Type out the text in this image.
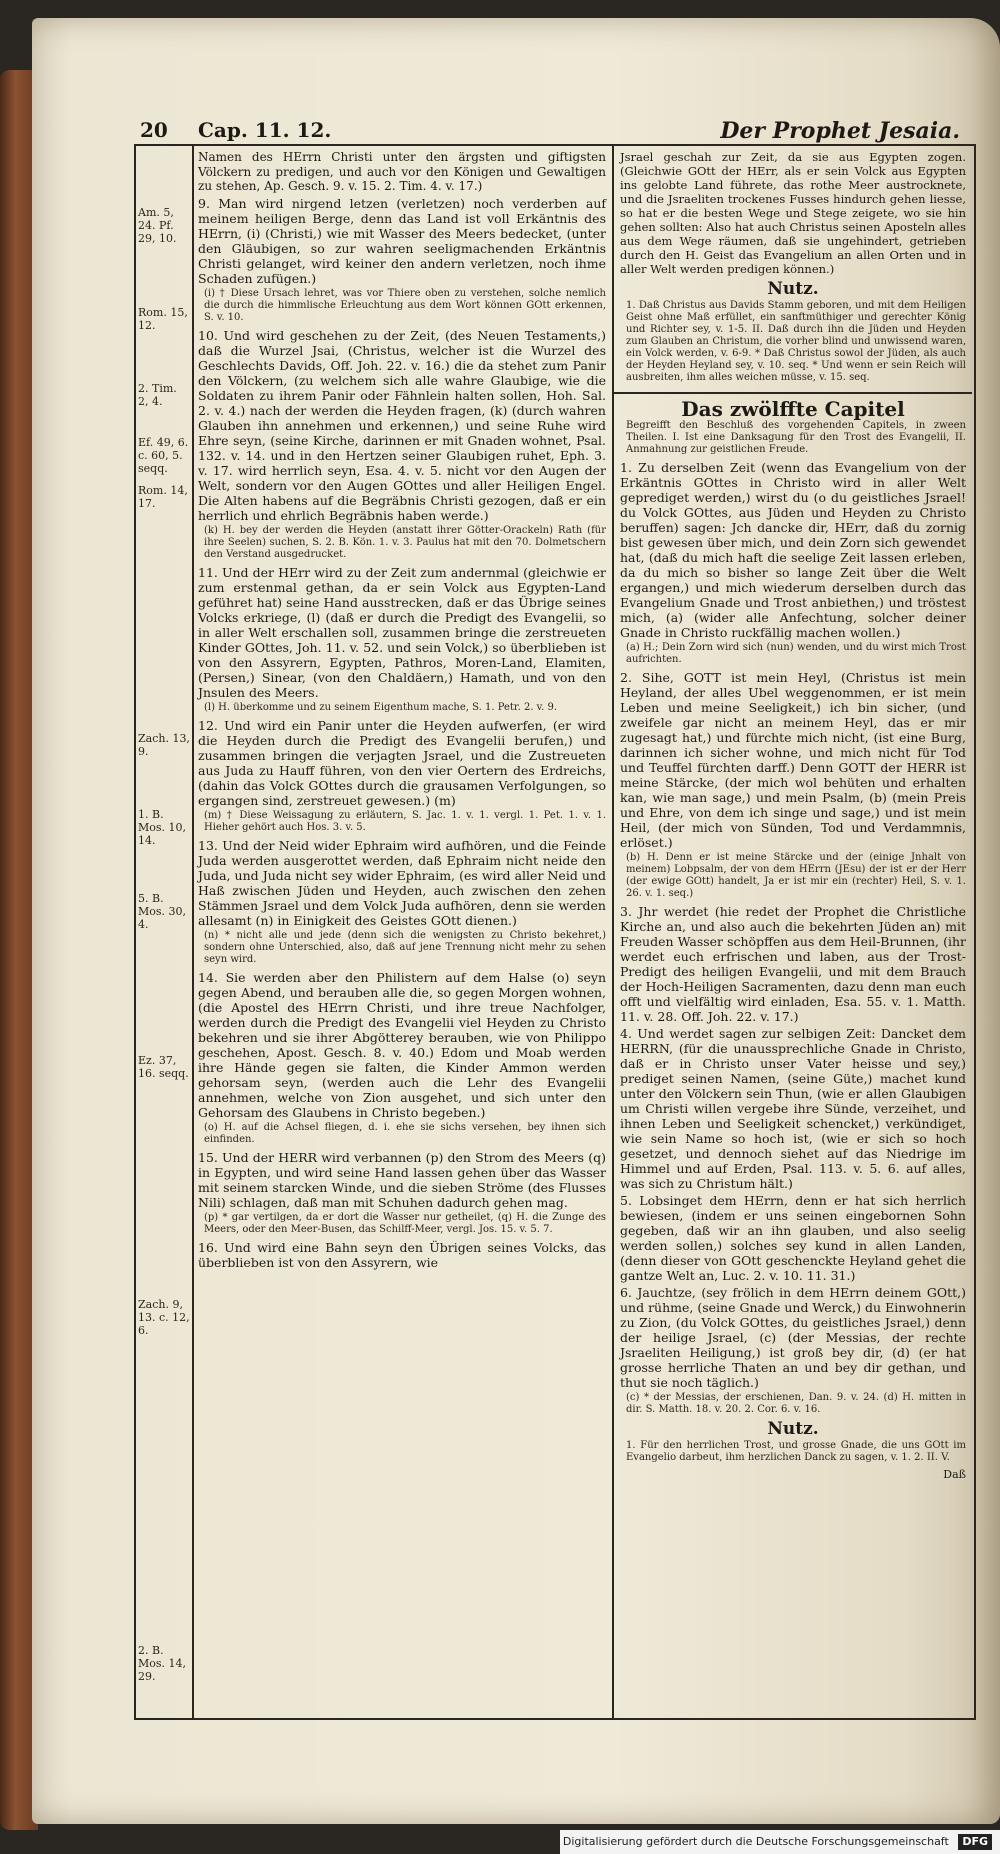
20 Cap. 11. 12.	Der Prophet Jesaia.
Am. 5, 24. Pf. 29, 10.
Rom. 15, 12.
2. Tim. 2, 4.
Ef. 49, 6. c. 60, 5. seqq.
Rom. 14, 17.
Zach. 13, 9.
1. B. Mos. 10, 14.
5. B. Mos. 30, 4.
Ez. 37, 16. seqq.
Zach. 9, 13. c. 12, 6.
2. B. Mos. 14, 29.

Namen des HErrn Christi unter den ärgsten und giftigsten Völckern zu predigen, und auch vor den Königen und Gewaltigen zu stehen, Ap. Gesch. 9. v. 15. 2. Tim. 4. v. 17.)

9. Man wird nirgend letzen (verletzen) noch verderben auf meinem heiligen Berge, denn das Land ist voll Erkäntnis des HErrn, (i) (Christi,) wie mit Wasser des Meers bedecket, (unter den Gläubigen, so zur wahren seeligmachenden Erkäntnis Christi gelanget, wird keiner den andern verletzen, noch ihme Schaden zufügen.)

(i) † Diese Ursach lehret, was vor Thiere oben zu verstehen, solche nemlich die durch die himmlische Erleuchtung aus dem Wort können GOtt erkennen, S. v. 10.

10. Und wird geschehen zu der Zeit, (des Neuen Testaments,) daß die Wurzel Jsai, (Christus, welcher ist die Wurzel des Geschlechts Davids, Off. Joh. 22. v. 16.) die da stehet zum Panir den Völckern, (zu welchem sich alle wahre Glaubige, wie die Soldaten zu ihrem Panir oder Fähnlein halten sollen, Hoh. Sal. 2. v. 4.) nach der werden die Heyden fragen, (k) (durch wahren Glauben ihn annehmen und erkennen,) und seine Ruhe wird Ehre seyn, (seine Kirche, darinnen er mit Gnaden wohnet, Psal. 132. v. 14. und in den Hertzen seiner Glaubigen ruhet, Eph. 3. v. 17. wird herrlich seyn, Esa. 4. v. 5. nicht vor den Augen der Welt, sondern vor den Augen GOttes und aller Heiligen Engel. Die Alten habens auf die Begräbnis Christi gezogen, daß er ein herrlich und ehrlich Begräbnis haben werde.)

(k) H. bey der werden die Heyden (anstatt ihrer Götter-Orackeln) Rath (für ihre Seelen) suchen, S. 2. B. Kön. 1. v. 3. Paulus hat mit den 70. Dolmetschern den Verstand ausgedrucket.

11. Und der HErr wird zu der Zeit zum andernmal (gleichwie er zum erstenmal gethan, da er sein Volck aus Egypten-Land geführet hat) seine Hand ausstrecken, daß er das Übrige seines Volcks erkriege, (l) (daß er durch die Predigt des Evangelii, so in aller Welt erschallen soll, zusammen bringe die zerstreueten Kinder GOttes, Joh. 11. v. 52. und sein Volck,) so überblieben ist von den Assyrern, Egypten, Pathros, Moren-Land, Elamiten, (Persen,) Sinear, (von den Chaldäern,) Hamath, und von den Jnsulen des Meers.

(l) H. überkomme und zu seinem Eigenthum mache, S. 1. Petr. 2. v. 9.

12. Und wird ein Panir unter die Heyden aufwerfen, (er wird die Heyden durch die Predigt des Evangelii berufen,) und zusammen bringen die verjagten Jsrael, und die Zustreueten aus Juda zu Hauff führen, von den vier Oertern des Erdreichs, (dahin das Volck GOttes durch die grausamen Verfolgungen, so ergangen sind, zerstreuet gewesen.) (m)

(m) † Diese Weissagung zu erläutern, S. Jac. 1. v. 1. vergl. 1. Pet. 1. v. 1. Hieher gehört auch Hos. 3. v. 5.

13. Und der Neid wider Ephraim wird aufhören, und die Feinde Juda werden ausgerottet werden, daß Ephraim nicht neide den Juda, und Juda nicht sey wider Ephraim, (es wird aller Neid und Haß zwischen Jüden und Heyden, auch zwischen den zehen Stämmen Jsrael und dem Volck Juda aufhören, denn sie werden allesamt (n) in Einigkeit des Geistes GOtt dienen.)

(n) * nicht alle und jede (denn sich die wenigsten zu Christo bekehret,) sondern ohne Unterschied, also, daß auf jene Trennung nicht mehr zu sehen seyn wird.

14. Sie werden aber den Philistern auf dem Halse (o) seyn gegen Abend, und berauben alle die, so gegen Morgen wohnen, (die Apostel des HErrn Christi, und ihre treue Nachfolger, werden durch die Predigt des Evangelii viel Heyden zu Christo bekehren und sie ihrer Abgötterey berauben, wie von Philippo geschehen, Apost. Gesch. 8. v. 40.) Edom und Moab werden ihre Hände gegen sie falten, die Kinder Ammon werden gehorsam seyn, (werden auch die Lehr des Evangelii annehmen, welche von Zion ausgehet, und sich unter den Gehorsam des Glaubens in Christo begeben.)

(o) H. auf die Achsel fliegen, d. i. ehe sie sichs versehen, bey ihnen sich einfinden.

15. Und der HERR wird verbannen (p) den Strom des Meers (q) in Egypten, und wird seine Hand lassen gehen über das Wasser mit seinem starcken Winde, und die sieben Ströme (des Flusses Nili) schlagen, daß man mit Schuhen dadurch gehen mag.

(p) * gar vertilgen, da er dort die Wasser nur getheilet, (q) H. die Zunge des Meers, oder den Meer-Busen, das Schilff-Meer, vergl. Jos. 15. v. 5. 7.

16. Und wird eine Bahn seyn den Übrigen seines Volcks, das überblieben ist von den Assyrern, wie

Jsrael geschah zur Zeit, da sie aus Egypten zogen. (Gleichwie GOtt der HErr, als er sein Volck aus Egypten ins gelobte Land führete, das rothe Meer austrocknete, und die Jsraeliten trockenes Fusses hindurch gehen liesse, so hat er die besten Wege und Stege zeigete, wo sie hin gehen sollten: Also hat auch Christus seinen Aposteln alles aus dem Wege räumen, daß sie ungehindert, getrieben durch den H. Geist das Evangelium an allen Orten und in aller Welt werden predigen können.)

Nutz.

1. Daß Christus aus Davids Stamm geboren, und mit dem Heiligen Geist ohne Maß erfüllet, ein sanftmüthiger und gerechter König und Richter sey, v. 1-5. II. Daß durch ihn die Jüden und Heyden zum Glauben an Christum, die vorher blind und unwissend waren, ein Volck werden, v. 6-9. * Daß Christus sowol der Jüden, als auch der Heyden Heyland sey, v. 10. seq. * Und wenn er sein Reich will ausbreiten, ihm alles weichen müsse, v. 15. seq.

Das zwölffte Capitel

Begreifft den Beschluß des vorgehenden Capitels, in zween Theilen. I. Ist eine Danksagung für den Trost des Evangelii, II. Anmahnung zur geistlichen Freude.

1. Zu derselben Zeit (wenn das Evangelium von der Erkäntnis GOttes in Christo wird in aller Welt geprediget werden,) wirst du (o du geistliches Jsrael! du Volck GOttes, aus Jüden und Heyden zu Christo beruffen) sagen: Jch dancke dir, HErr, daß du zornig bist gewesen über mich, und dein Zorn sich gewendet hat, (daß du mich haft die seelige Zeit lassen erleben, da du mich so bisher so lange Zeit über die Welt ergangen,) und mich wiederum derselben durch das Evangelium Gnade und Trost anbiethen,) und tröstest mich, (a) (wider alle Anfechtung, solcher deiner Gnade in Christo ruckfällig machen wollen.)

(a) H.; Dein Zorn wird sich (nun) wenden, und du wirst mich Trost aufrichten.

2. Sihe, GOTT ist mein Heyl, (Christus ist mein Heyland, der alles Ubel weggenommen, er ist mein Leben und meine Seeligkeit,) ich bin sicher, (und zweifele gar nicht an meinem Heyl, das er mir zugesagt hat,) und fürchte mich nicht, (ist eine Burg, darinnen ich sicher wohne, und mich nicht für Tod und Teuffel fürchten darff.) Denn GOTT der HERR ist meine Stärcke, (der mich wol behüten und erhalten kan, wie man sage,) und mein Psalm, (b) (mein Preis und Ehre, von dem ich singe und sage,) und ist mein Heil, (der mich von Sünden, Tod und Verdammnis, erlöset.)

(b) H. Denn er ist meine Stärcke und der (einige Jnhalt von meinem) Lobpsalm, der von dem HErrn (JEsu) der ist er der Herr (der ewige GOtt) handelt, Ja er ist mir ein (rechter) Heil, S. v. 1. 26. v. 1. seq.)

3. Jhr werdet (hie redet der Prophet die Christliche Kirche an, und also auch die bekehrten Jüden an) mit Freuden Wasser schöpffen aus dem Heil-Brunnen, (ihr werdet euch erfrischen und laben, aus der Trost-Predigt des heiligen Evangelii, und mit dem Brauch der Hoch-Heiligen Sacramenten, dazu denn man euch offt und vielfältig wird einladen, Esa. 55. v. 1. Matth. 11. v. 28. Off. Joh. 22. v. 17.)

4. Und werdet sagen zur selbigen Zeit: Dancket dem HERRN, (für die unaussprechliche Gnade in Christo, daß er in Christo unser Vater heisse und sey,) prediget seinen Namen, (seine Güte,) machet kund unter den Völckern sein Thun, (wie er allen Glaubigen um Christi willen vergebe ihre Sünde, verzeihet, und ihnen Leben und Seeligkeit schencket,) verkündiget, wie sein Name so hoch ist, (wie er sich so hoch gesetzet, und dennoch siehet auf das Niedrige im Himmel und auf Erden, Psal. 113. v. 5. 6. auf alles, was sich zu Christum hält.)

5. Lobsinget dem HErrn, denn er hat sich herrlich bewiesen, (indem er uns seinen eingebornen Sohn gegeben, daß wir an ihn glauben, und also seelig werden sollen,) solches sey kund in allen Landen, (denn dieser von GOtt geschenckte Heyland gehet die gantze Welt an, Luc. 2. v. 10. 11. 31.)

6. Jauchtze, (sey frölich in dem HErrn deinem GOtt,) und rühme, (seine Gnade und Werck,) du Einwohnerin zu Zion, (du Volck GOttes, du geistliches Jsrael,) denn der heilige Jsrael, (c) (der Messias, der rechte Jsraeliten Heiligung,) ist groß bey dir, (d) (er hat grosse herrliche Thaten an und bey dir gethan, und thut sie noch täglich.)

(c) * der Messias, der erschienen, Dan. 9. v. 24. (d) H. mitten in dir. S. Matth. 18. v. 20. 2. Cor. 6. v. 16.

Nutz.

1. Für den herrlichen Trost, und grosse Gnade, die uns GOtt im Evangelio darbeut, ihm herzlichen Danck zu sagen, v. 1. 2. II. V.

Daß

Digitalisierung gefördert durch die Deutsche Forschungsgemeinschaft DFG
